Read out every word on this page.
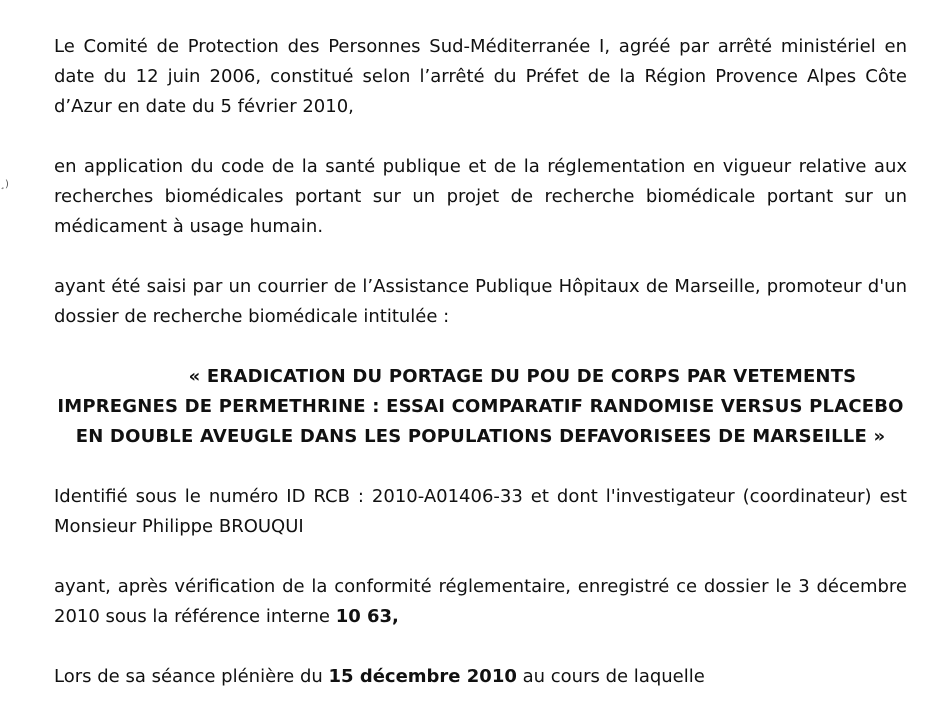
¸)

Le Comité de Protection des Personnes Sud-Méditerranée I, agréé par arrêté ministériel en date du 12 juin 2006, constitué selon l’arrêté du Préfet de la Région Provence Alpes Côte d’Azur en date du 5 février 2010,

en application du code de la santé publique et de la réglementation en vigueur relative aux recherches biomédicales portant sur un projet de recherche biomédicale portant sur un médicament à usage humain.

ayant été saisi par un courrier de l’Assistance Publique Hôpitaux de Marseille, promoteur d'un dossier de recherche biomédicale intitulée :

« ERADICATION DU PORTAGE DU POU DE CORPS PAR VETEMENTS IMPREGNES DE PERMETHRINE : ESSAI COMPARATIF RANDOMISE VERSUS PLACEBO EN DOUBLE AVEUGLE DANS LES POPULATIONS DEFAVORISEES DE MARSEILLE »

Identifié sous le numéro ID RCB : 2010-A01406-33 et dont l'investigateur (coordinateur) est Monsieur Philippe BROUQUI

ayant, après vérification de la conformité réglementaire, enregistré ce dossier le 3 décembre 2010 sous la référence interne 10 63,

Lors de sa séance plénière du 15 décembre 2010 au cours de laquelle
